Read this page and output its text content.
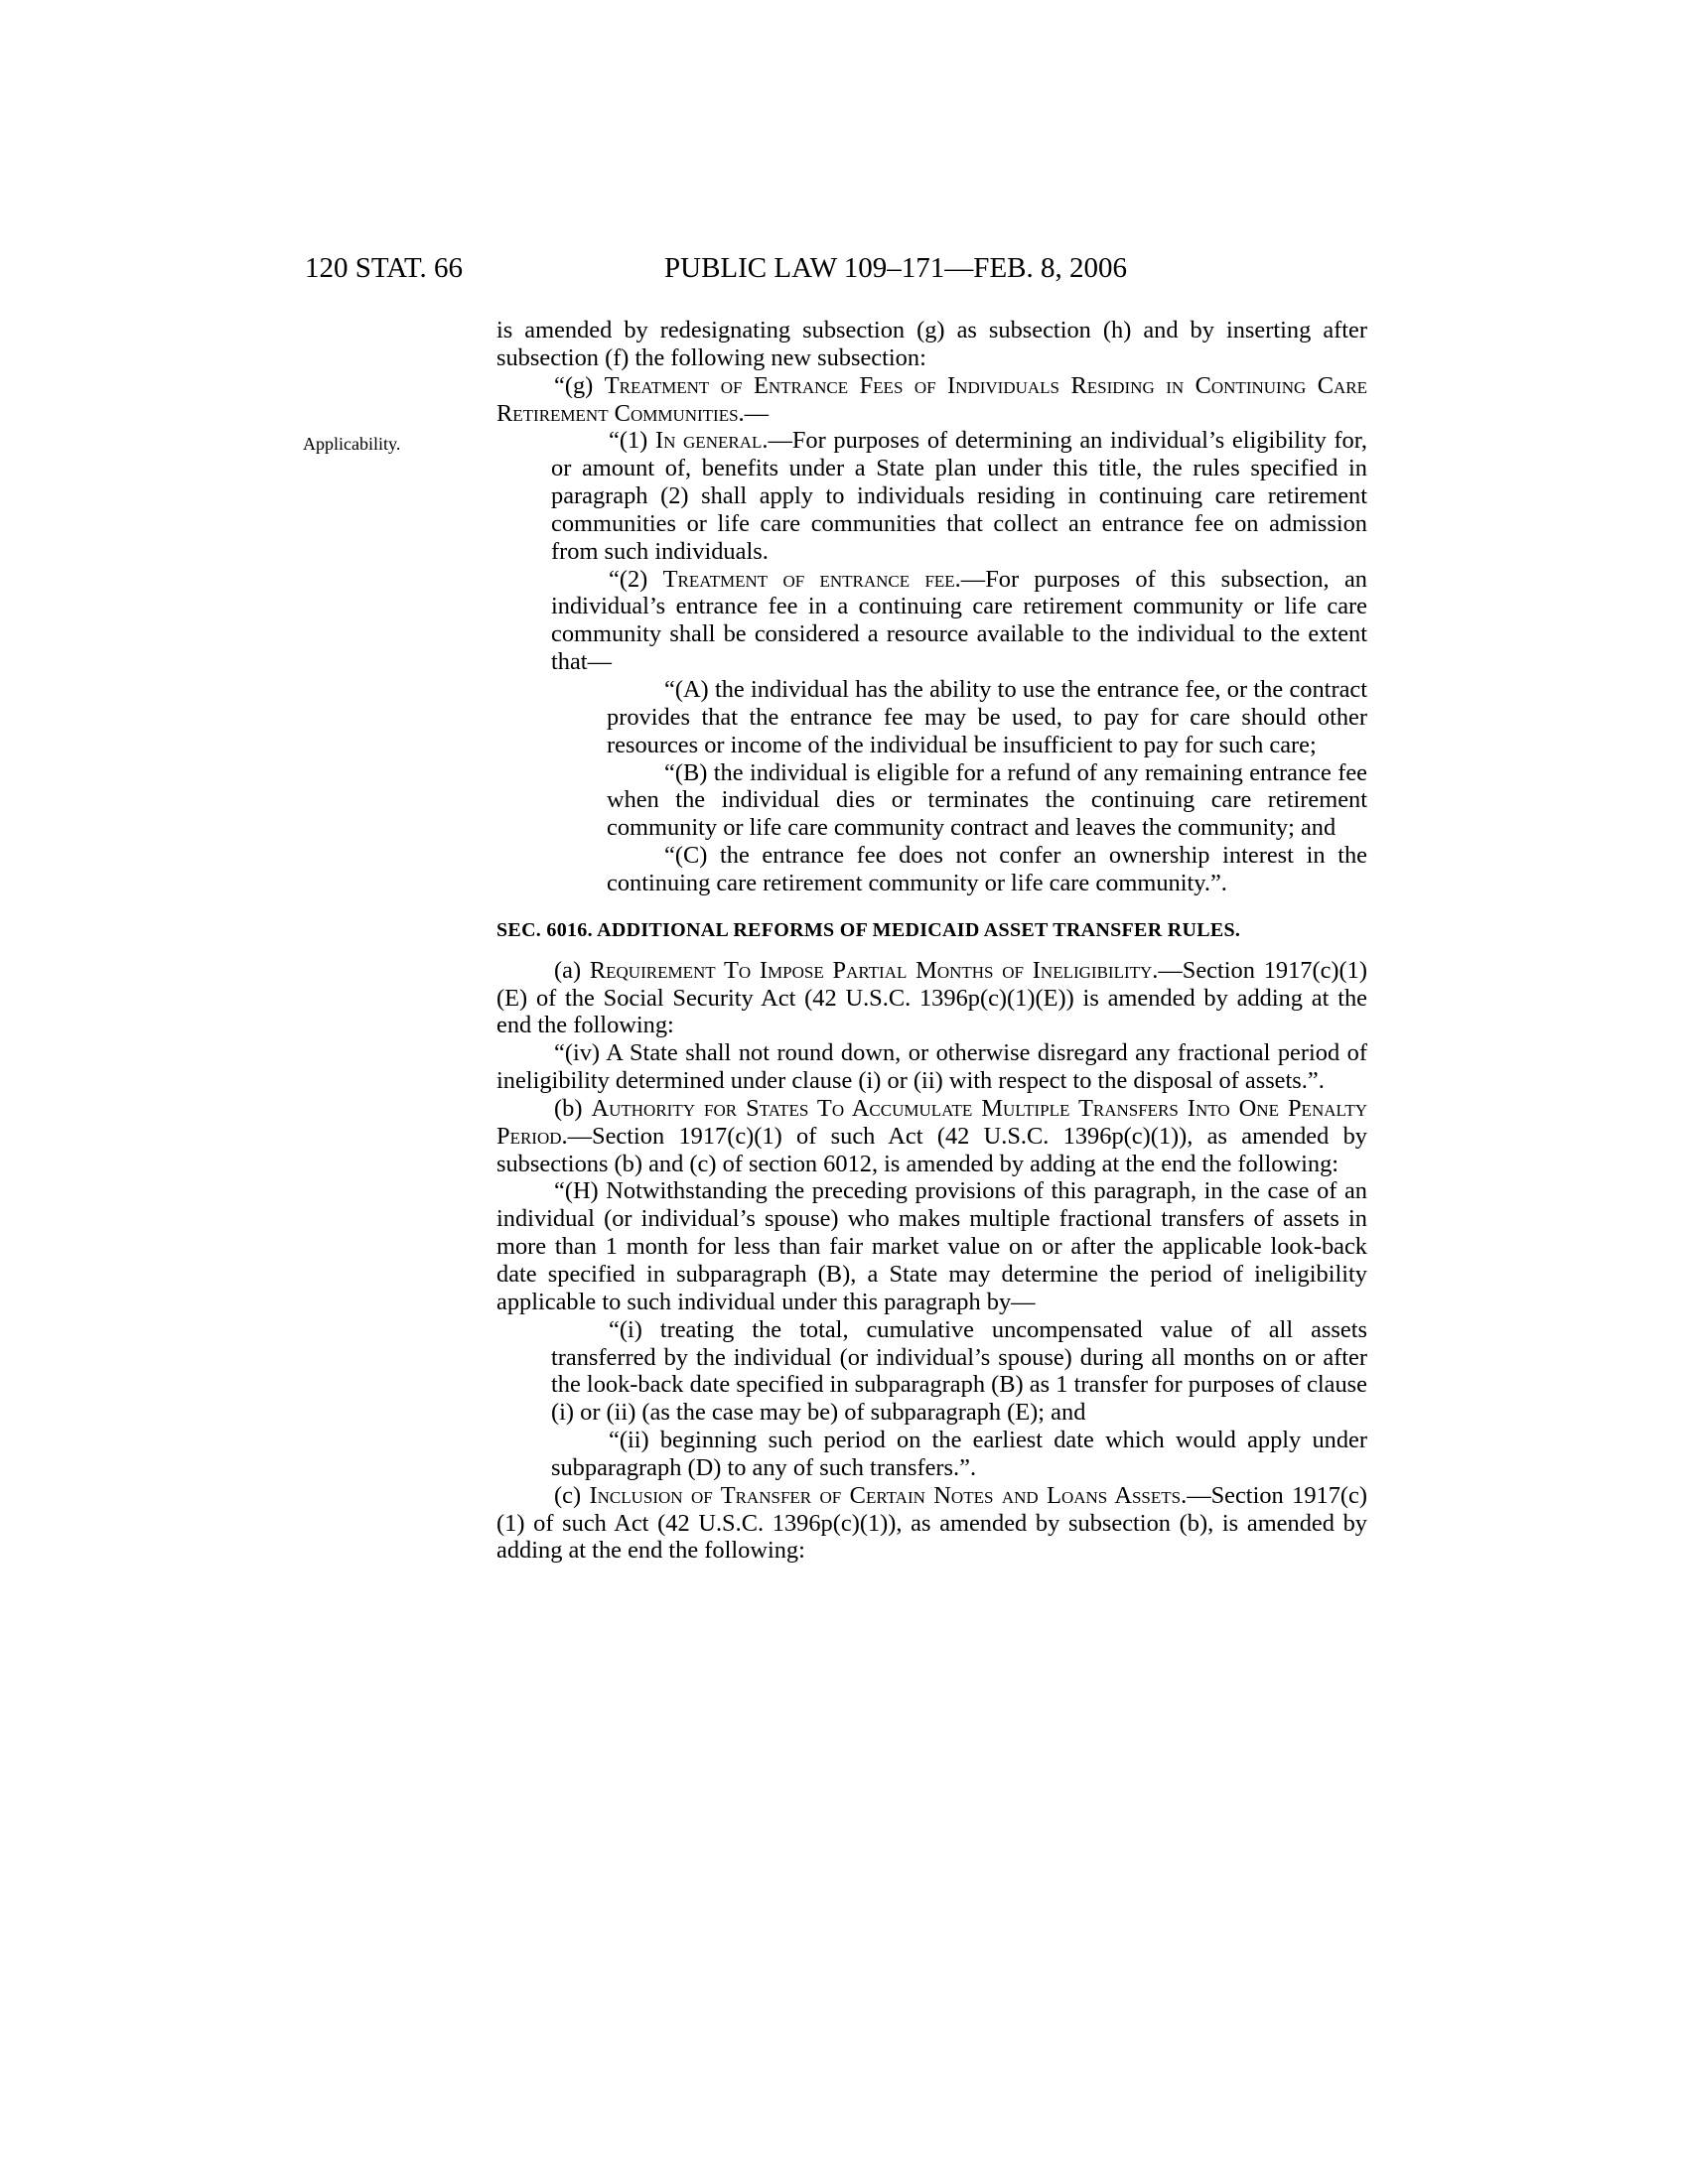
120 STAT. 66	PUBLIC LAW 109–171—FEB. 8, 2006
Applicability.

is amended by redesignating subsection (g) as subsection (h) and by inserting after subsection (f) the following new subsection:

“(g) Treatment of Entrance Fees of Individuals Residing in Continuing Care Retirement Communities.—

“(1) In general.—For purposes of determining an individual’s eligibility for, or amount of, benefits under a State plan under this title, the rules specified in paragraph (2) shall apply to individuals residing in continuing care retirement communities or life care communities that collect an entrance fee on admission from such individuals.

“(2) Treatment of entrance fee.—For purposes of this subsection, an individual’s entrance fee in a continuing care retirement community or life care community shall be considered a resource available to the individual to the extent that—

“(A) the individual has the ability to use the entrance fee, or the contract provides that the entrance fee may be used, to pay for care should other resources or income of the individual be insufficient to pay for such care;

“(B) the individual is eligible for a refund of any remaining entrance fee when the individual dies or terminates the continuing care retirement community or life care community contract and leaves the community; and

“(C) the entrance fee does not confer an ownership interest in the continuing care retirement community or life care community.”.

SEC. 6016. ADDITIONAL REFORMS OF MEDICAID ASSET TRANSFER RULES.

(a) Requirement To Impose Partial Months of Ineligibility.—Section 1917(c)(1)(E) of the Social Security Act (42 U.S.C. 1396p(c)(1)(E)) is amended by adding at the end the following:

“(iv) A State shall not round down, or otherwise disregard any fractional period of ineligibility determined under clause (i) or (ii) with respect to the disposal of assets.”.

(b) Authority for States To Accumulate Multiple Transfers Into One Penalty Period.—Section 1917(c)(1) of such Act (42 U.S.C. 1396p(c)(1)), as amended by subsections (b) and (c) of section 6012, is amended by adding at the end the following:

“(H) Notwithstanding the preceding provisions of this paragraph, in the case of an individual (or individual’s spouse) who makes multiple fractional transfers of assets in more than 1 month for less than fair market value on or after the applicable look-back date specified in subparagraph (B), a State may determine the period of ineligibility applicable to such individual under this paragraph by—

“(i) treating the total, cumulative uncompensated value of all assets transferred by the individual (or individual’s spouse) during all months on or after the look-back date specified in subparagraph (B) as 1 transfer for purposes of clause (i) or (ii) (as the case may be) of subparagraph (E); and

“(ii) beginning such period on the earliest date which would apply under subparagraph (D) to any of such transfers.”.

(c) Inclusion of Transfer of Certain Notes and Loans Assets.—Section 1917(c)(1) of such Act (42 U.S.C. 1396p(c)(1)), as amended by subsection (b), is amended by adding at the end the following:
